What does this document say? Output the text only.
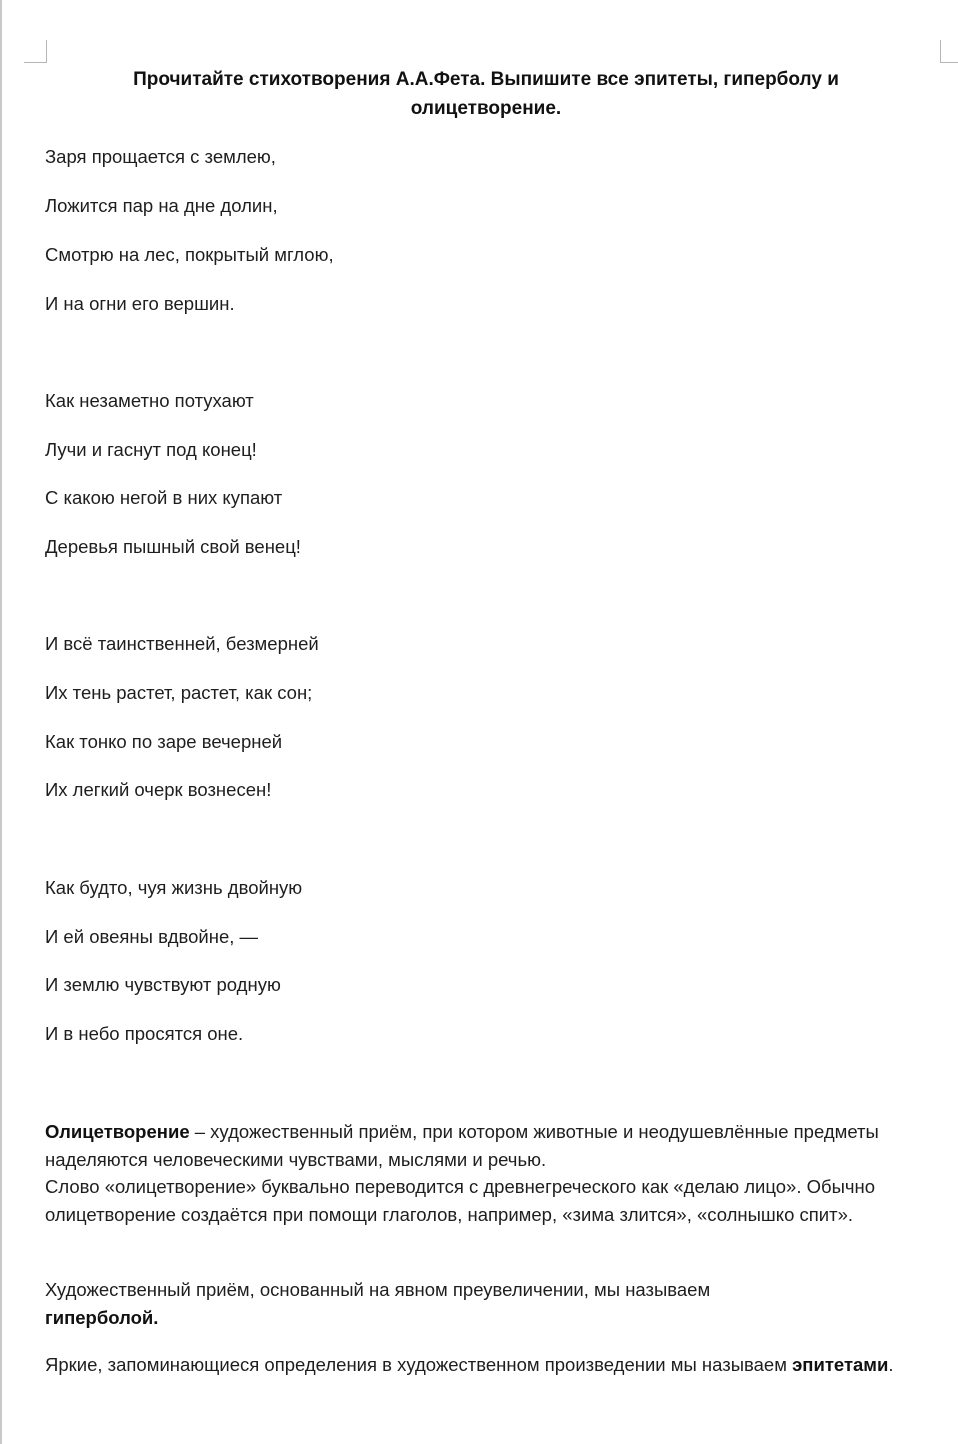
Прочитайте стихотворения А.А.Фета. Выпишите все эпитеты, гиперболу и олицетворение.
Заря прощается с землею,
Ложится пар на дне долин,
Смотрю на лес, покрытый мглою,
И на огни его вершин.
Как незаметно потухают
Лучи и гаснут под конец!
С какою негой в них купают
Деревья пышный свой венец!
И всё таинственней, безмерней
Их тень растет, растет, как сон;
Как тонко по заре вечерней
Их легкий очерк вознесен!
Как будто, чуя жизнь двойную
И ей овеяны вдвойне, —
И землю чувствуют родную
И в небо просятся оне.

Олицетворение – художественный приём, при котором животные и неодушевлённые предметы наделяются человеческими чувствами, мыслями и речью.

Слово «олицетворение» буквально переводится с древнегреческого как «делаю лицо». Обычно олицетворение создаётся при помощи глаголов, например, «зима злится», «солнышко спит».

Художественный приём, основанный на явном преувеличении, мы называем гиперболой.

Яркие, запоминающиеся определения в художественном произведении мы называем эпитетами.
